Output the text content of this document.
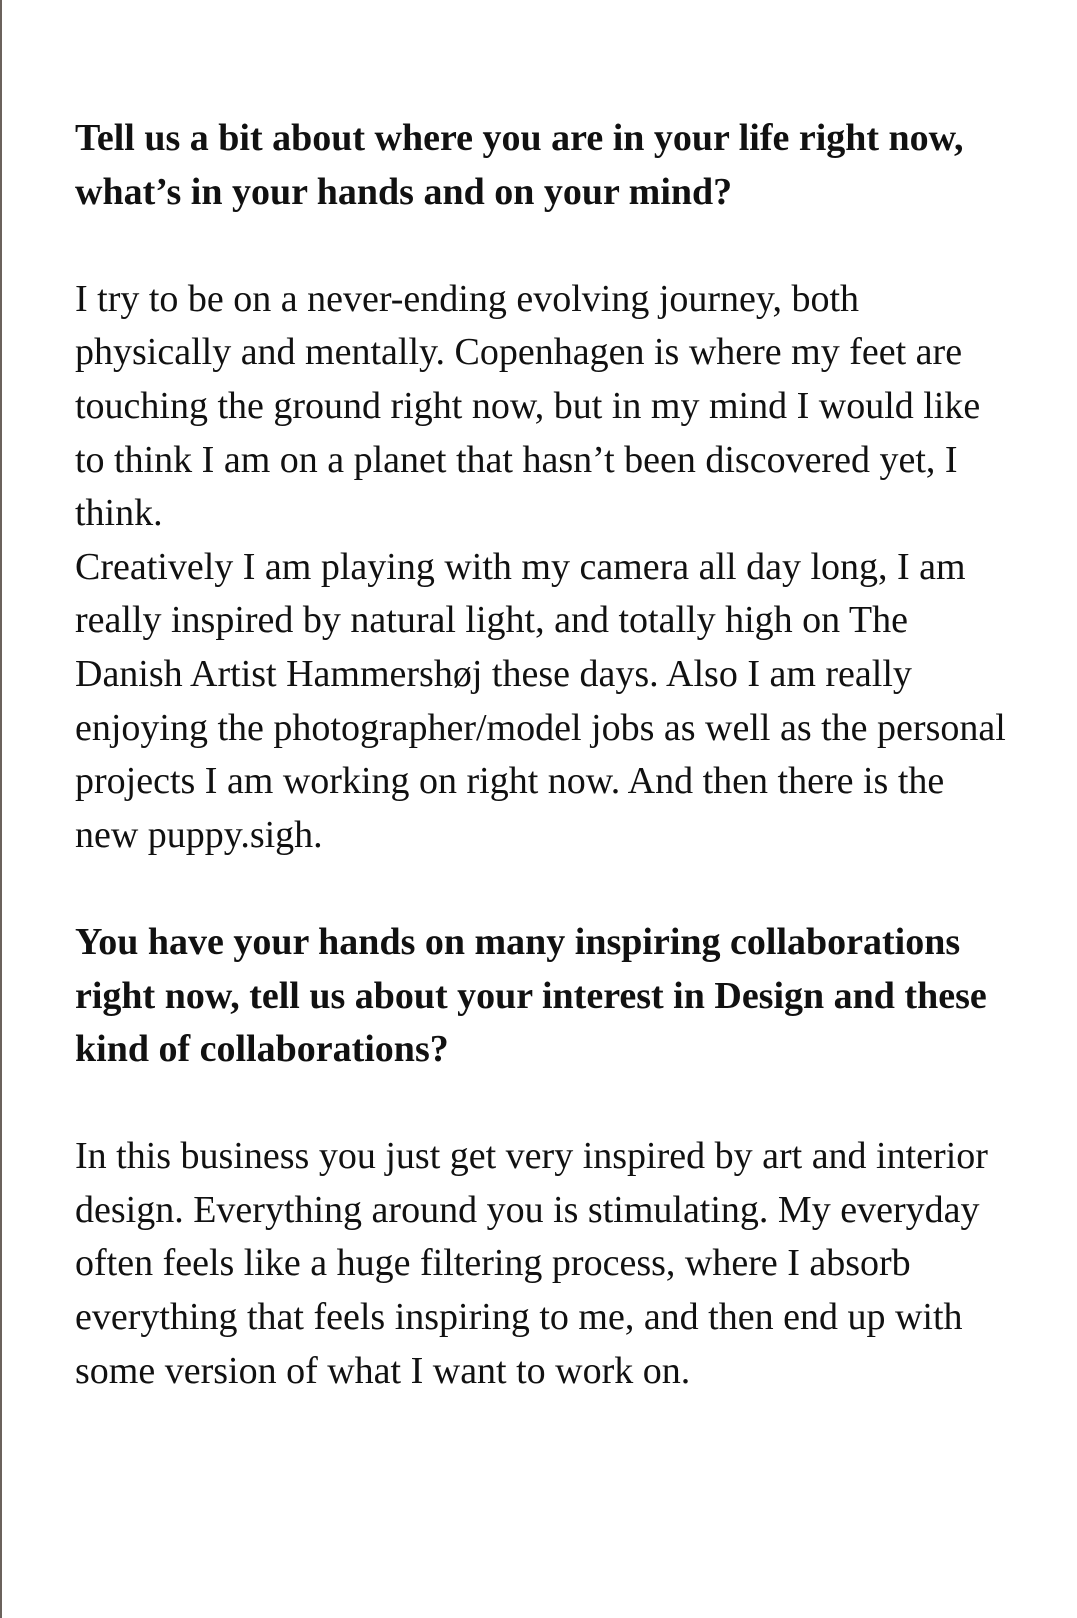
Tell us a bit about where you are in your life right now, what’s in your hands and on your mind?

I try to be on a never-ending evolving journey, both physically and mentally. Copenhagen is where my feet are touching the ground right now, but in my mind I would like to think I am on a planet that hasn’t been discovered yet, I think.

Creatively I am playing with my camera all day long, I am really inspired by natural light, and totally high on The Danish Artist Hammershøj these days. Also I am really enjoying the photographer/model jobs as well as the personal projects I am working on right now. And then there is the new puppy.sigh.

You have your hands on many inspiring collaborations right now, tell us about your interest in Design and these kind of collaborations?

In this business you just get very inspired by art and interior design. Everything around you is stimulating. My everyday often feels like a huge filtering process, where I absorb everything that feels inspiring to me, and then end up with some version of what I want to work on.
